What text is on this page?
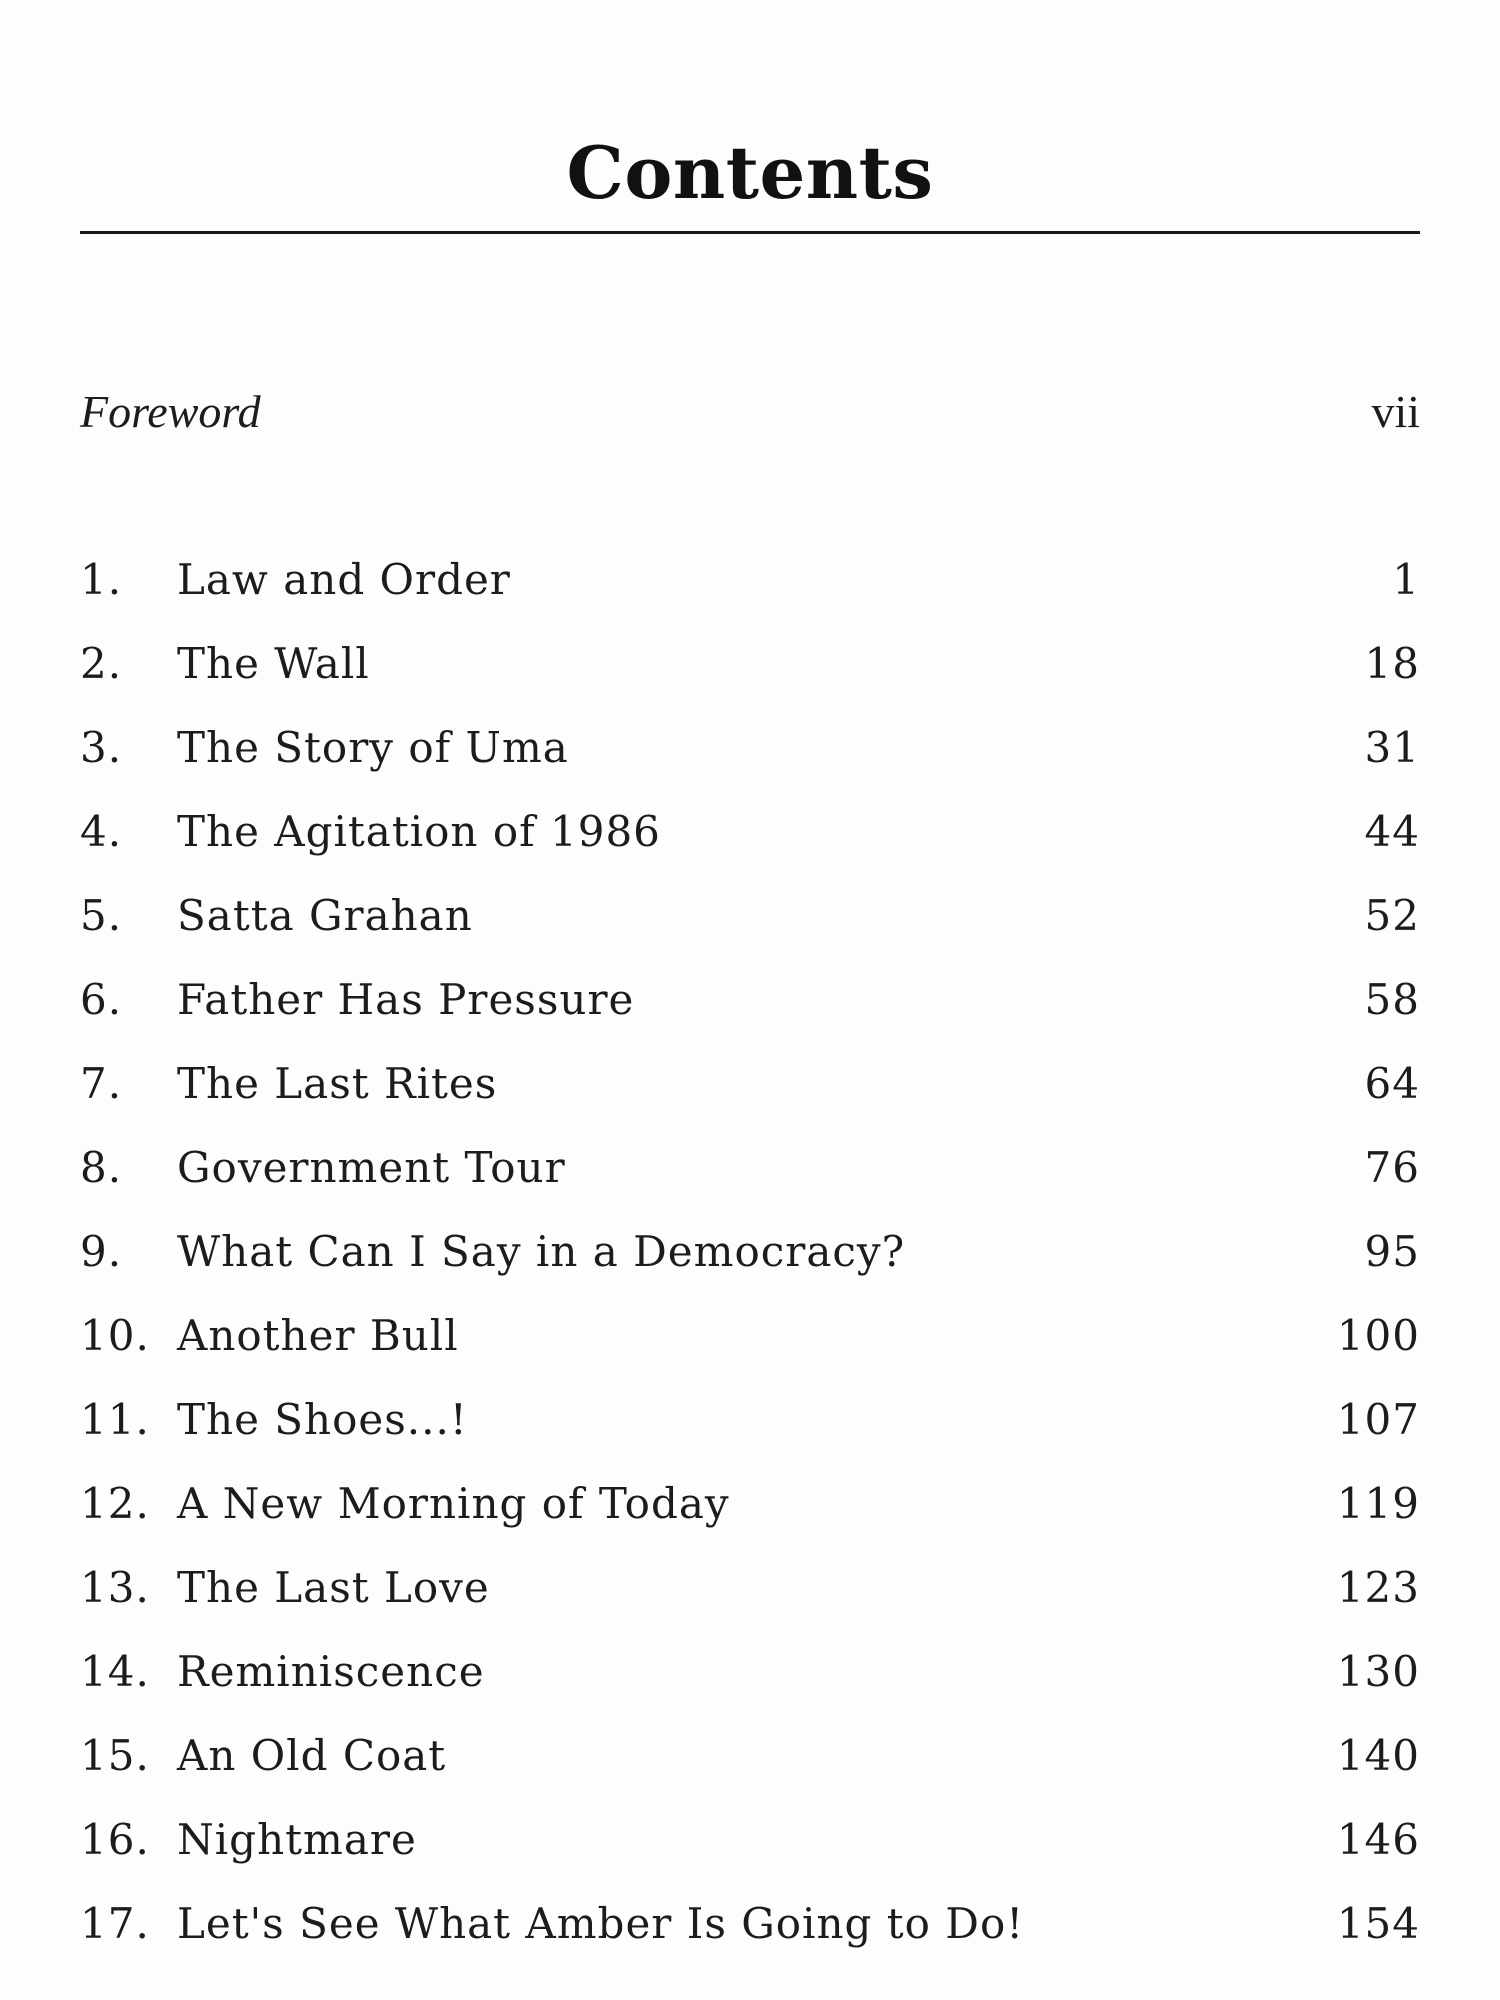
Contents
Foreword	vii
1. Law and Order	1
2. The Wall	18
3. The Story of Uma	31
4. The Agitation of 1986	44
5. Satta Grahan	52
6. Father Has Pressure	58
7. The Last Rites	64
8. Government Tour	76
9. What Can I Say in a Democracy?	95
10. Another Bull	100
11. The Shoes...!	107
12. A New Morning of Today	119
13. The Last Love	123
14. Reminiscence	130
15. An Old Coat	140
16. Nightmare	146
17. Let's See What Amber Is Going to Do!	154
